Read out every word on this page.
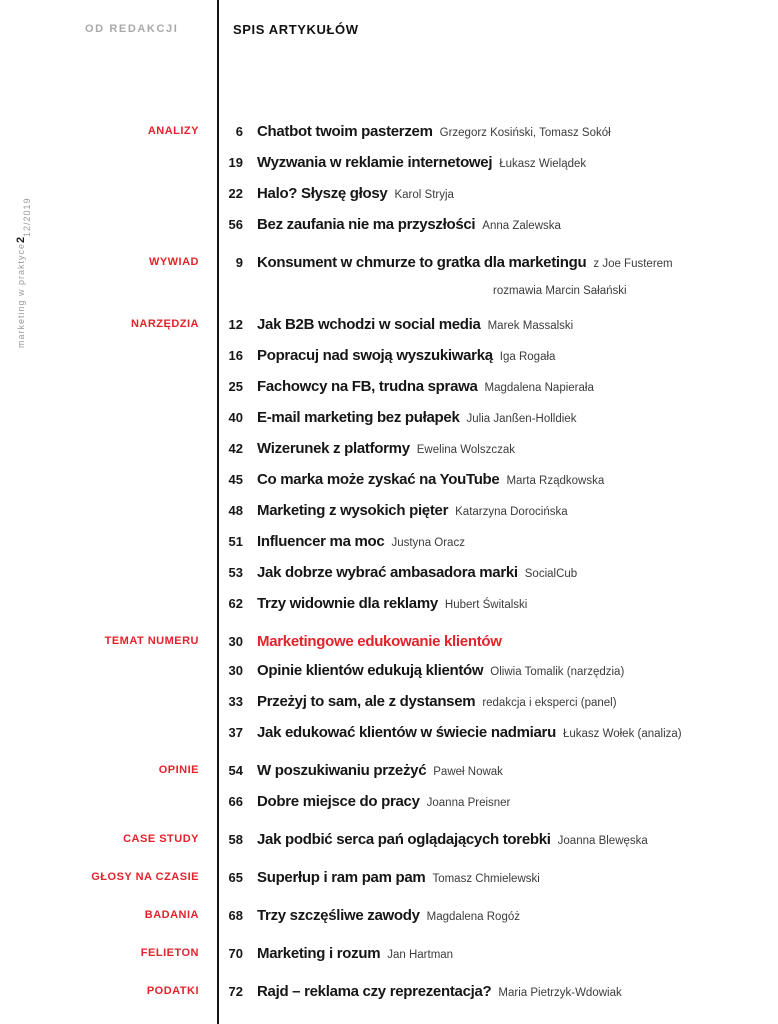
OD REDAKCJI	SPIS ARTYKUŁÓW
marketing w praktyce
2
12/2019
ANALIZY	6 Chatbot twoim pasterzem Grzegorz Kosiński, Tomasz Sokół
19 Wyzwania w reklamie internetowej Łukasz Wielądek
22 Halo? Słyszę głosy Karol Stryja
56 Bez zaufania nie ma przyszłości Anna Zalewska
WYWIAD	9 Konsument w chmurze to gratka dla marketingu z Joe Fusterem
rozmawia Marcin Sałański
NARZĘDZIA 12 Jak B2B wchodzi w social media Marek Massalski
16 Popracuj nad swoją wyszukiwarką Iga Rogała
25 Fachowcy na FB, trudna sprawa Magdalena Napierała
40 E-mail marketing bez pułapek Julia Janßen-Holldiek
42 Wizerunek z platformy Ewelina Wolszczak
45 Co marka może zyskać na YouTube Marta Rządkowska
48 Marketing z wysokich pięter Katarzyna Dorocińska
51 Influencer ma moc Justyna Oracz
53 Jak dobrze wybrać ambasadora marki SocialCub
62 Trzy widownie dla reklamy Hubert Świtalski
TEMAT NUMERU 30 Marketingowe edukowanie klientów
30 Opinie klientów edukują klientów Oliwia Tomalik (narzędzia)
33 Przeżyj to sam, ale z dystansem redakcja i eksperci (panel)
37 Jak edukować klientów w świecie nadmiaru Łukasz Wołek (analiza)
OPINIE 54 W poszukiwaniu przeżyć Paweł Nowak
66 Dobre miejsce do pracy Joanna Preisner
CASE STUDY 58 Jak podbić serca pań oglądających torebki Joanna Blewęska
GŁOSY NA CZASIE 65 Superłup i ram pam pam Tomasz Chmielewski
BADANIA 68 Trzy szczęśliwe zawody Magdalena Rogóż
FELIETON 70 Marketing i rozum Jan Hartman
PODATKI 72 Rajd – reklama czy reprezentacja? Maria Pietrzyk-Wdowiak
